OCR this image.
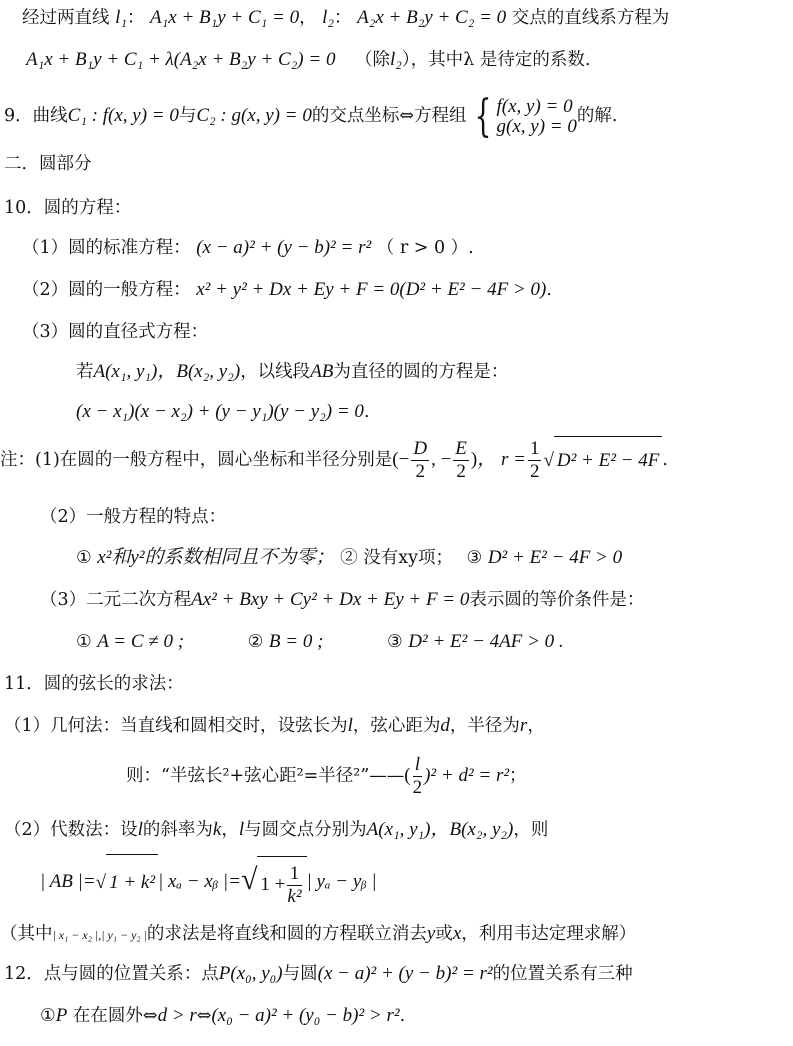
经过两直线 l₁： A₁x + B₁y + C₁ = 0， l₂： A₂x + B₂y + C₂ = 0 交点的直线系方程为
A₁x + B₁y + C₁ + λ(A₂x + B₂y + C₂) = 0 （除l₂），其中λ 是待定的系数.
9．曲线C₁ : f(x, y) = 0与C₂ : g(x, y) = 0的交点坐标⇔方程组 { f(x, y) = 0
g(x, y) = 0 的解.
二．圆部分
10．圆的方程：
（1）圆的标准方程： (x − a)² + (y − b)² = r² （ r > 0 ）.
（2）圆的一般方程： x² + y² + Dx + Ey + F = 0(D² + E² − 4F > 0).
（3）圆的直径式方程：
若A(x₁, y₁)，B(x₂, y₂)，以线段AB为直径的圆的方程是：
(x − x₁)(x − x₂) + (y − y₁)(y − y₂) = 0.
注：(1)在圆的一般方程中，圆心坐标和半径分别是(− $\frac{D}{2}$ , − $\frac{E}{2}$ )， $r = \frac{1}{2}$ √ D² + E² − 4F .
（2）一般方程的特点：
① x²和y²的系数相同且不为零； ② 没有xy项； ③ D² + E² − 4F > 0
（3）二元二次方程Ax² + Bxy + Cy² + Dx + Ey + F = 0表示圆的等价条件是：
① A = C ≠ 0 ;	② B = 0 ;	③ D² + E² − 4AF > 0 .
11．圆的弦长的求法：
（1）几何法：当直线和圆相交时，设弦长为l，弦心距为d，半径为r，
则：“半弦长²+弦心距²=半径²”——( $\frac{l}{2} )^2 + d^2 = r^2$；
（2）代数法：设l的斜率为k，l与圆交点分别为A(x₁, y₁)，B(x₂, y₂)，则
| AB |=√ 1 + k² | xₐ − xᵦ |=√ $1 + \frac{1}{\text{k²}}$ | yₐ − yᵦ |
（其中| x₁ − x₂ |,| y₁ − y₂ |的求法是将直线和圆的方程联立消去y或x，利用韦达定理求解）
12．点与圆的位置关系：点P(x₀, y₀)与圆(x − a)² + (y − b)² = r²的位置关系有三种
①P 在在圆外⇔d > r⇔(x₀ − a)² + (y₀ − b)² > r².
